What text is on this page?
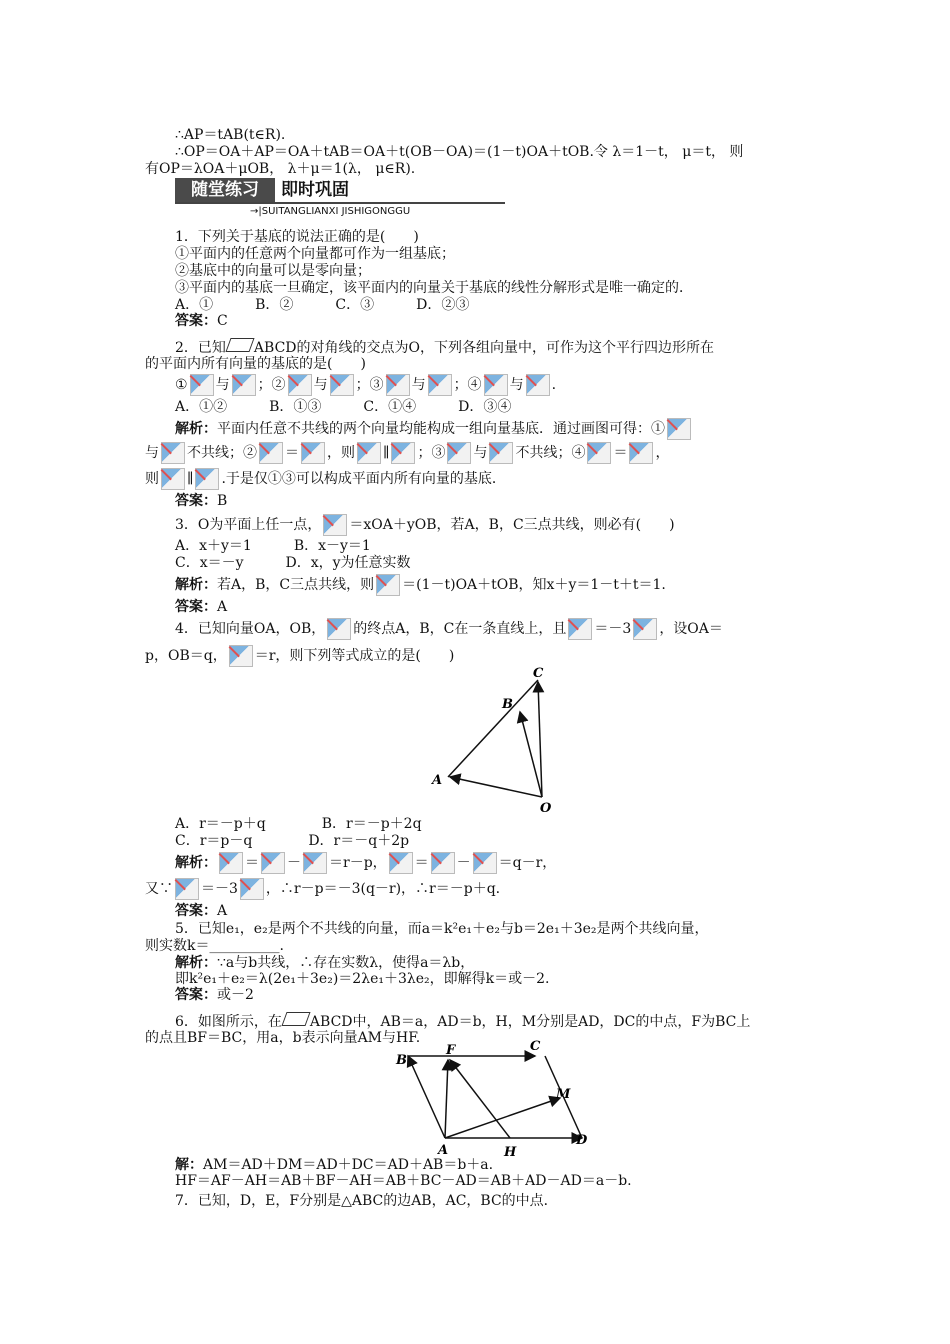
∴AP＝tAB(t∈R).
∴OP＝OA＋AP＝OA＋tAB＝OA＋t(OB－OA)＝(1－t)OA＋tOB.令 λ＝1－t， μ＝t， 则
有OP＝λOA＋μOB， λ＋μ＝1(λ， μ∈R).
随堂练习	即时巩固
→|SUITANGLIANXI JISHIGONGGU
1．下列关于基底的说法正确的是(　　)
①平面内的任意两个向量都可作为一组基底；
②基底中的向量可以是零向量；
③平面内的基底一旦确定，该平面内的向量关于基底的线性分解形式是唯一确定的．
A．①　　　B．②　　　C．③　　　D．②③
答案：C
2．已知 ABCD的对角线的交点为O，下列各组向量中，可作为这个平行四边形所在
的平面内所有向量的基底的是(　　)
① 与 ；② 与 ；③ 与 ；④ 与 .
A．①②　　　B．①③　　　C．①④　　　D．③④
解析：平面内任意不共线的两个向量均能构成一组向量基底．通过画图可得：①
与 不共线；② ＝ ，则 ∥ ；③ 与 不共线；④ ＝ ，
则 ∥ .于是仅①③可以构成平面内所有向量的基底．
答案：B
3．O为平面上任一点， ＝xOA＋yOB，若A，B，C三点共线，则必有(　　)
A．x＋y＝1　　　B．x－y＝1
C．x＝－y　　　D．x，y为任意实数
解析：若A，B，C三点共线，则 ＝(1－t)OA＋tOB，知x＋y＝1－t＋t＝1.
答案：A
4．已知向量OA，OB， 的终点A，B，C在一条直线上，且 ＝－3 ，设OA＝
p，OB＝q， ＝r，则下列等式成立的是(　　)
C
B
A
O
A．r＝－p＋q　　　　B．r＝－p＋2q
C．r＝p－q　　　　D．r＝－q＋2p
解析： ＝ － ＝r－p， ＝ － ＝q－r，
又∵ ＝－3 ，∴r－p＝－3(q－r)，∴r＝－p＋q.
答案：A
5．已知e₁，e₂是两个不共线的向量，而a＝k²e₁＋e₂与b＝2e₁＋3e₂是两个共线向量，
则实数k＝__________.
解析：∵a与b共线，∴存在实数λ，使得a＝λb，
即k²e₁＋e₂＝λ(2e₁＋3e₂)＝2λe₁＋3λe₂，即解得k＝或－2.
答案：或－2
6．如图所示，在 ABCD中，AB＝a，AD＝b，H，M分别是AD，DC的中点，F为BC上
的点且BF＝BC，用a，b表示向量AM与HF.
B
F	C
M
A	H
D
解：AM＝AD＋DM＝AD＋DC＝AD＋AB＝b＋a.
HF＝AF－AH＝AB＋BF－AH＝AB＋BC－AD＝AB＋AD－AD＝a－b.
7．已知，D，E，F分别是△ABC的边AB，AC，BC的中点．
